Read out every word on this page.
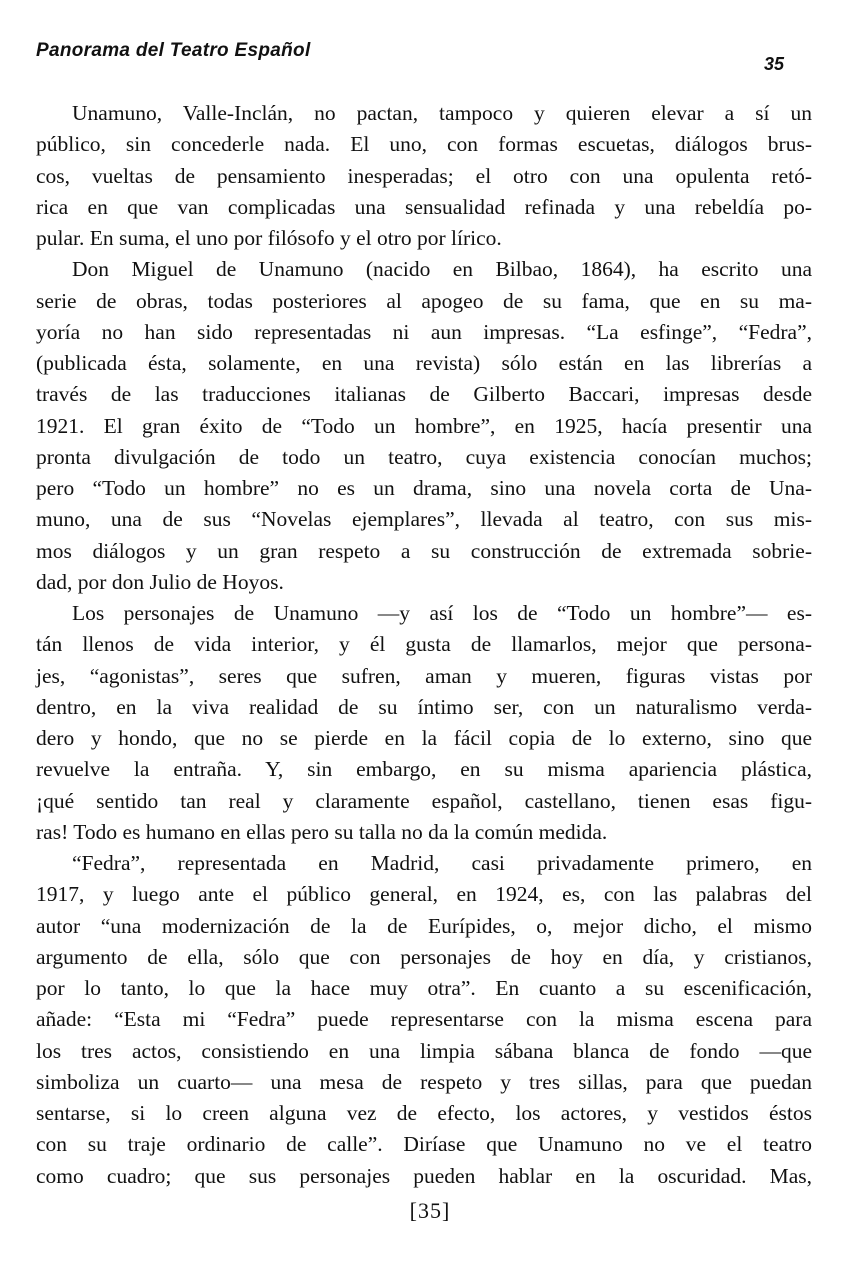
Panorama del Teatro Español
35
Unamuno, Valle-Inclán, no pactan, tampoco y quieren elevar a sí un
público, sin concederle nada. El uno, con formas escuetas, diálogos brus-
cos, vueltas de pensamiento inesperadas; el otro con una opulenta retó-
rica en que van complicadas una sensualidad refinada y una rebeldía po-
pular. En suma, el uno por filósofo y el otro por lírico.
Don Miguel de Unamuno (nacido en Bilbao, 1864), ha escrito una
serie de obras, todas posteriores al apogeo de su fama, que en su ma-
yoría no han sido representadas ni aun impresas. “La esfinge”, “Fedra”,
(publicada ésta, solamente, en una revista) sólo están en las librerías a
través de las traducciones italianas de Gilberto Baccari, impresas desde
1921. El gran éxito de “Todo un hombre”, en 1925, hacía presentir una
pronta divulgación de todo un teatro, cuya existencia conocían muchos;
pero “Todo un hombre” no es un drama, sino una novela corta de Una-
muno, una de sus “Novelas ejemplares”, llevada al teatro, con sus mis-
mos diálogos y un gran respeto a su construcción de extremada sobrie-
dad, por don Julio de Hoyos.
Los personajes de Unamuno —y así los de “Todo un hombre”— es-
tán llenos de vida interior, y él gusta de llamarlos, mejor que persona-
jes, “agonistas”, seres que sufren, aman y mueren, figuras vistas por
dentro, en la viva realidad de su íntimo ser, con un naturalismo verda-
dero y hondo, que no se pierde en la fácil copia de lo externo, sino que
revuelve la entraña. Y, sin embargo, en su misma apariencia plástica,
¡qué sentido tan real y claramente español, castellano, tienen esas figu-
ras! Todo es humano en ellas pero su talla no da la común medida.
“Fedra”, representada en Madrid, casi privadamente primero, en
1917, y luego ante el público general, en 1924, es, con las palabras del
autor “una modernización de la de Eurípides, o, mejor dicho, el mismo
argumento de ella, sólo que con personajes de hoy en día, y cristianos,
por lo tanto, lo que la hace muy otra”. En cuanto a su escenificación,
añade: “Esta mi “Fedra” puede representarse con la misma escena para
los tres actos, consistiendo en una limpia sábana blanca de fondo —que
simboliza un cuarto— una mesa de respeto y tres sillas, para que puedan
sentarse, si lo creen alguna vez de efecto, los actores, y vestidos éstos
con su traje ordinario de calle”. Diríase que Unamuno no ve el teatro
como cuadro; que sus personajes pueden hablar en la oscuridad. Mas,
[35]
